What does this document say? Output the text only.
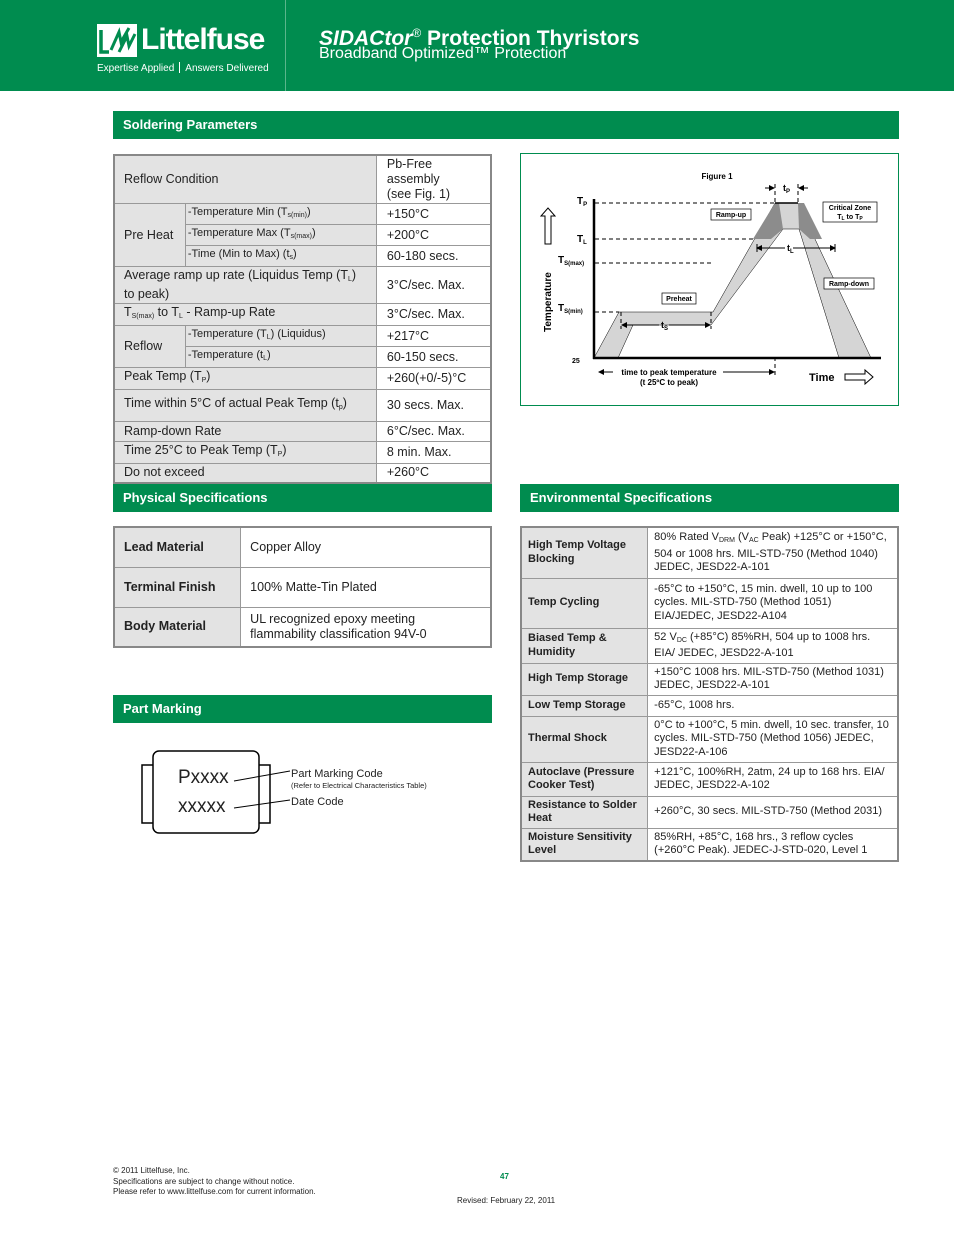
Littelfuse
Expertise Applied Answers Delivered
SIDACtor® Protection Thyristors
Broadband Optimized™ Protection
Soldering Parameters
Reflow Condition		Pb-Free assembly
(see Fig. 1)
Pre Heat	-Temperature Min (Ts(min))	+150°C
	-Temperature Max (Ts(max))	+200°C
	-Time (Min to Max) (ts)	60-180 secs.
Average ramp up rate (Liquidus Temp (TL) to peak)		3°C/sec. Max.
TS(max) to TL - Ramp-up Rate		3°C/sec. Max.
Reflow	-Temperature (TL) (Liquidus)	+217°C
	-Temperature (tL)	60-150 secs.
Peak Temp (TP)		+260(+0/-5)°C
Time within 5°C of actual Peak Temp (tp)		30 secs. Max.
Ramp-down Rate		6°C/sec. Max.
Time 25°C to Peak Temp (TP)		8 min. Max.
Do not exceed		+260°C
Figure 1
$T_P$
$T_L$
$T_{S(max)}$
$T_{S(min)}$
25
Temperature
Time
$t_P$
$t_L$
$t_S$
Ramp-up
Preheat
Ramp-down
Critical Zone
TL to TP
time to peak temperature
(t 25ºC to peak)
Physical Specifications
Lead Material	Copper Alloy
Terminal Finish	100% Matte-Tin Plated
Body Material	UL recognized epoxy meeting flammability classification 94V-0
Part Marking
Pxxxx
xxxxx
Part Marking Code
(Refer to Electrical Characteristics Table)
Date Code
Environmental Specifications
High Temp Voltage Blocking	80% Rated VDRM (VAC Peak) +125°C or +150°C, 504 or 1008 hrs. MIL-STD-750 (Method 1040) JEDEC, JESD22-A-101
Temp Cycling	-65°C to +150°C, 15 min. dwell, 10 up to 100 cycles. MIL-STD-750 (Method 1051) EIA/JEDEC, JESD22-A104
Biased Temp & Humidity	52 VDC (+85°C) 85%RH, 504 up to 1008 hrs. EIA/ JEDEC, JESD22-A-101
High Temp Storage	+150°C 1008 hrs. MIL-STD-750 (Method 1031) JEDEC, JESD22-A-101
Low Temp Storage	-65°C, 1008 hrs.
Thermal Shock	0°C to +100°C, 5 min. dwell, 10 sec. transfer, 10 cycles. MIL-STD-750 (Method 1056) JEDEC, JESD22-A-106
Autoclave (Pressure Cooker Test)	+121°C, 100%RH, 2atm, 24 up to 168 hrs. EIA/ JEDEC, JESD22-A-102
Resistance to Solder Heat	+260°C, 30 secs. MIL-STD-750 (Method 2031)
Moisture Sensitivity Level	85%RH, +85°C, 168 hrs., 3 reflow cycles (+260°C Peak). JEDEC-J-STD-020, Level 1
© 2011 Littelfuse, Inc.
Specifications are subject to change without notice.
Please refer to www.littelfuse.com for current information.
47
Revised: February 22, 2011
